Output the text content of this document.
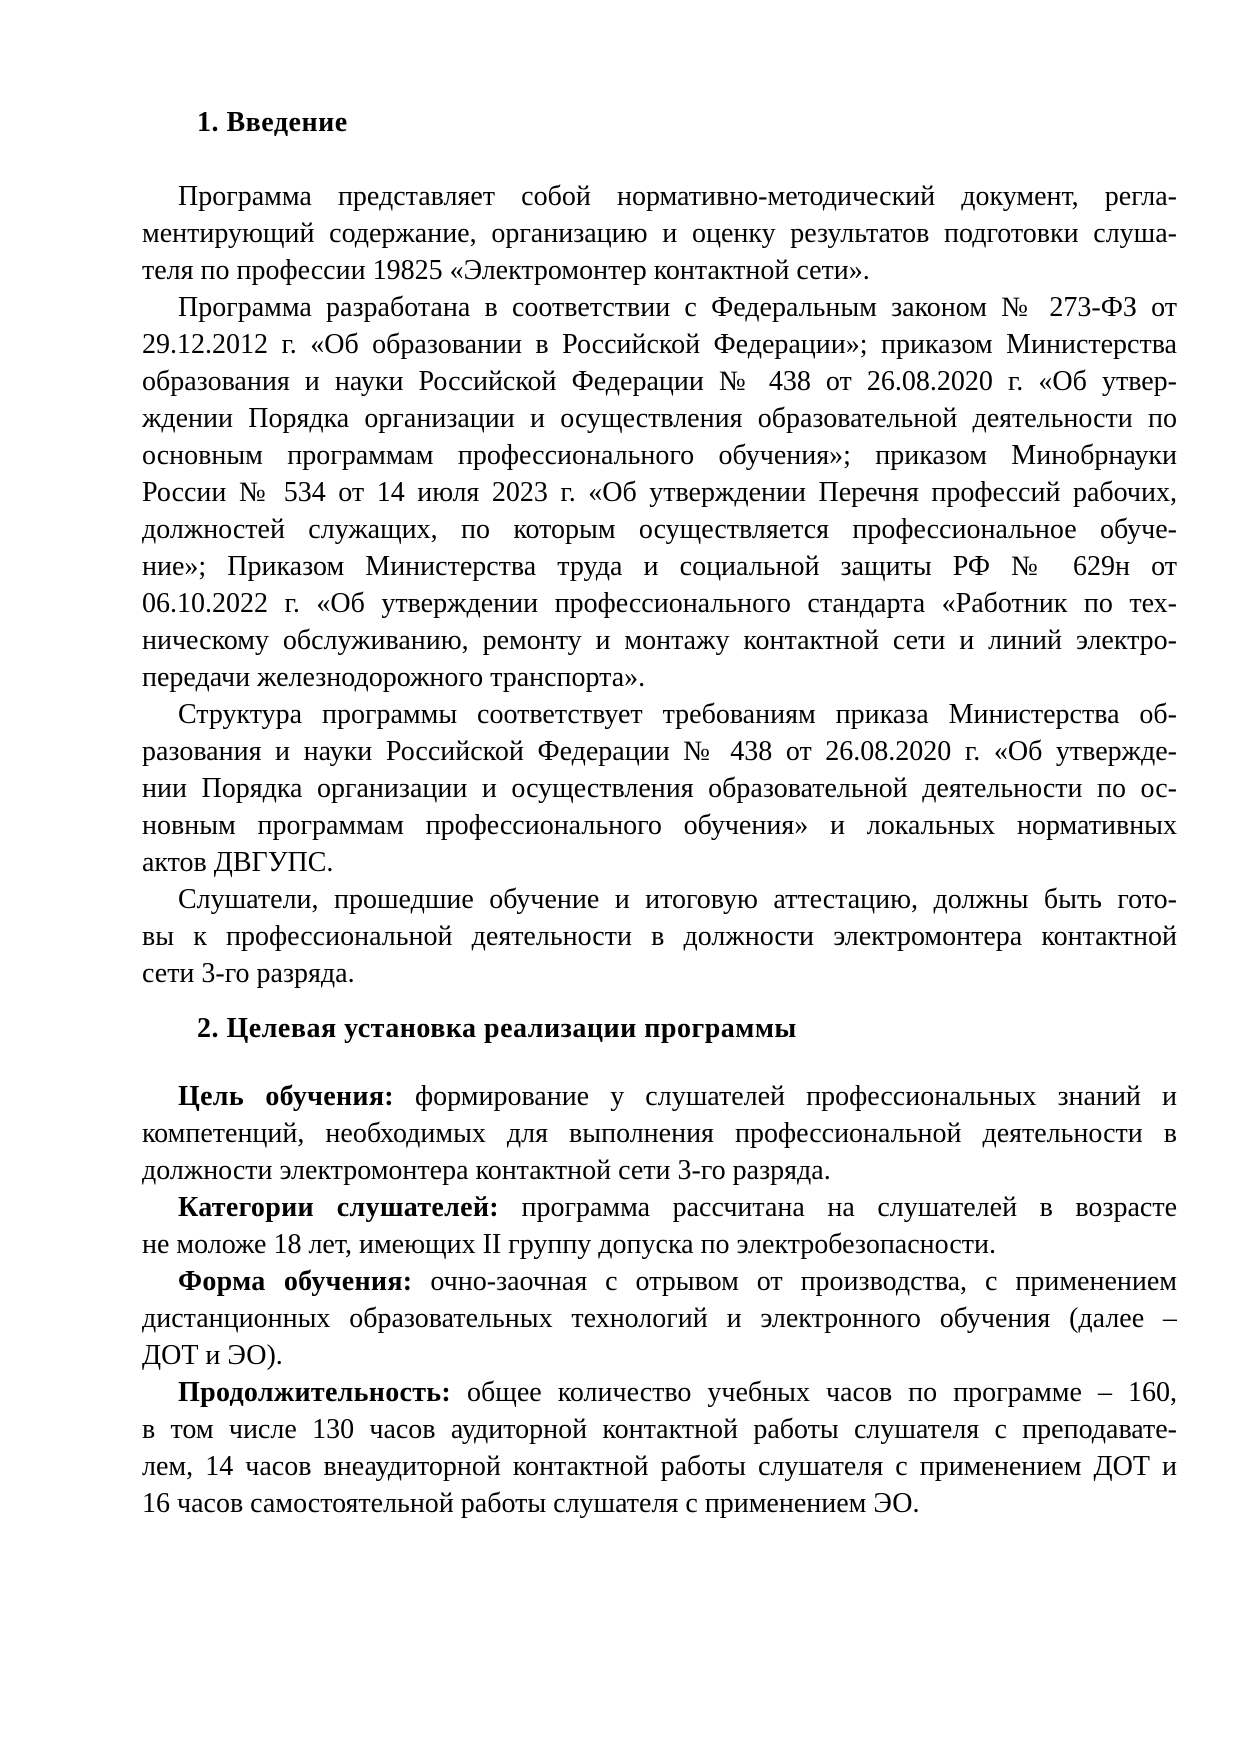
1. Введение
Программа представляет собой нормативно-методический документ, регла-
ментирующий содержание, организацию и оценку результатов подготовки слуша-
теля по профессии 19825 «Электромонтер контактной сети».
Программа разработана в соответствии с Федеральным законом № 273-ФЗ от
29.12.2012 г. «Об образовании в Российской Федерации»; приказом Министерства
образования и науки Российской Федерации № 438 от 26.08.2020 г. «Об утвер-
ждении Порядка организации и осуществления образовательной деятельности по
основным программам профессионального обучения»; приказом Минобрнауки
России № 534 от 14 июля 2023 г. «Об утверждении Перечня профессий рабочих,
должностей служащих, по которым осуществляется профессиональное обуче-
ние»; Приказом Министерства труда и социальной защиты РФ № 629н от
06.10.2022 г. «Об утверждении профессионального стандарта «Работник по тех-
ническому обслуживанию, ремонту и монтажу контактной сети и линий электро-
передачи железнодорожного транспорта».
Структура программы соответствует требованиям приказа Министерства об-
разования и науки Российской Федерации № 438 от 26.08.2020 г. «Об утвержде-
нии Порядка организации и осуществления образовательной деятельности по ос-
новным программам профессионального обучения» и локальных нормативных
актов ДВГУПС.
Слушатели, прошедшие обучение и итоговую аттестацию, должны быть гото-
вы к профессиональной деятельности в должности электромонтера контактной
сети 3-го разряда.
2. Целевая установка реализации программы
Цель обучения: формирование у слушателей профессиональных знаний и
компетенций, необходимых для выполнения профессиональной деятельности в
должности электромонтера контактной сети 3-го разряда.
Категории слушателей: программа рассчитана на слушателей в возрасте
не моложе 18 лет, имеющих II группу допуска по электробезопасности.
Форма обучения: очно-заочная с отрывом от производства, с применением
дистанционных образовательных технологий и электронного обучения (далее –
ДОТ и ЭО).
Продолжительность: общее количество учебных часов по программе – 160,
в том числе 130 часов аудиторной контактной работы слушателя с преподавате-
лем, 14 часов внеаудиторной контактной работы слушателя с применением ДОТ и
16 часов самостоятельной работы слушателя с применением ЭО.
